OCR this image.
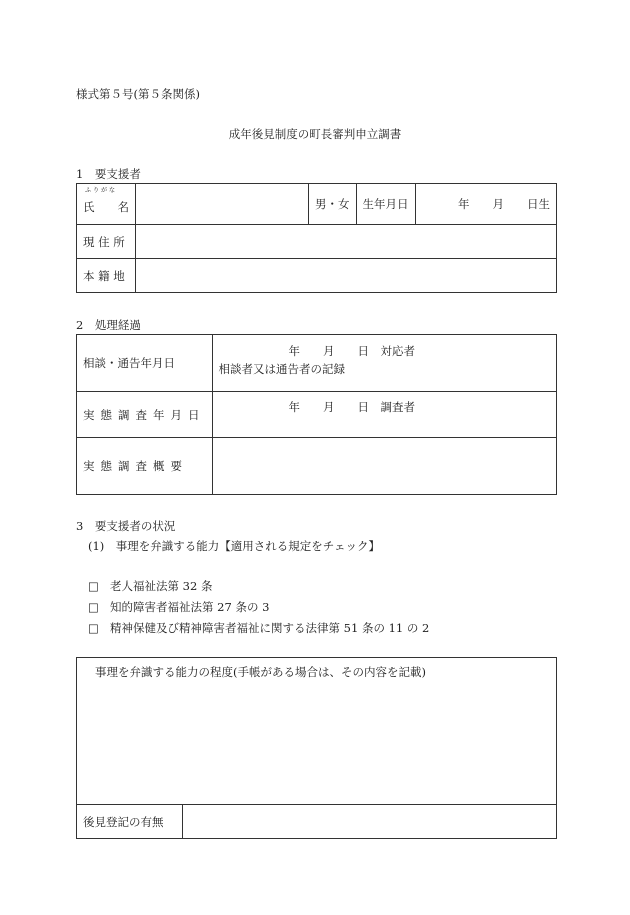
様式第５号(第５条関係)
成年後見制度の町長審判申立調書
1　要支援者
ふりがな
氏　　名		男・女	生年月日	年　　月　　日生
現 住 所				
本 籍 地				
2　処理経過
相談・通告年月日	年　　月　　日　対応者
相談者又は通告者の記録

実態調査年月日	年　　月　　日　調査者

実態調査概要	
3　要支援者の状況
(1)　事理を弁識する能力【適用される規定をチェック】
□ 老人福祉法第 32 条
□ 知的障害者福祉法第 27 条の 3
□ 精神保健及び精神障害者福祉に関する法律第 51 条の 11 の 2
事理を弁識する能力の程度(手帳がある場合は、その内容を記載)
後見登記の有無	
